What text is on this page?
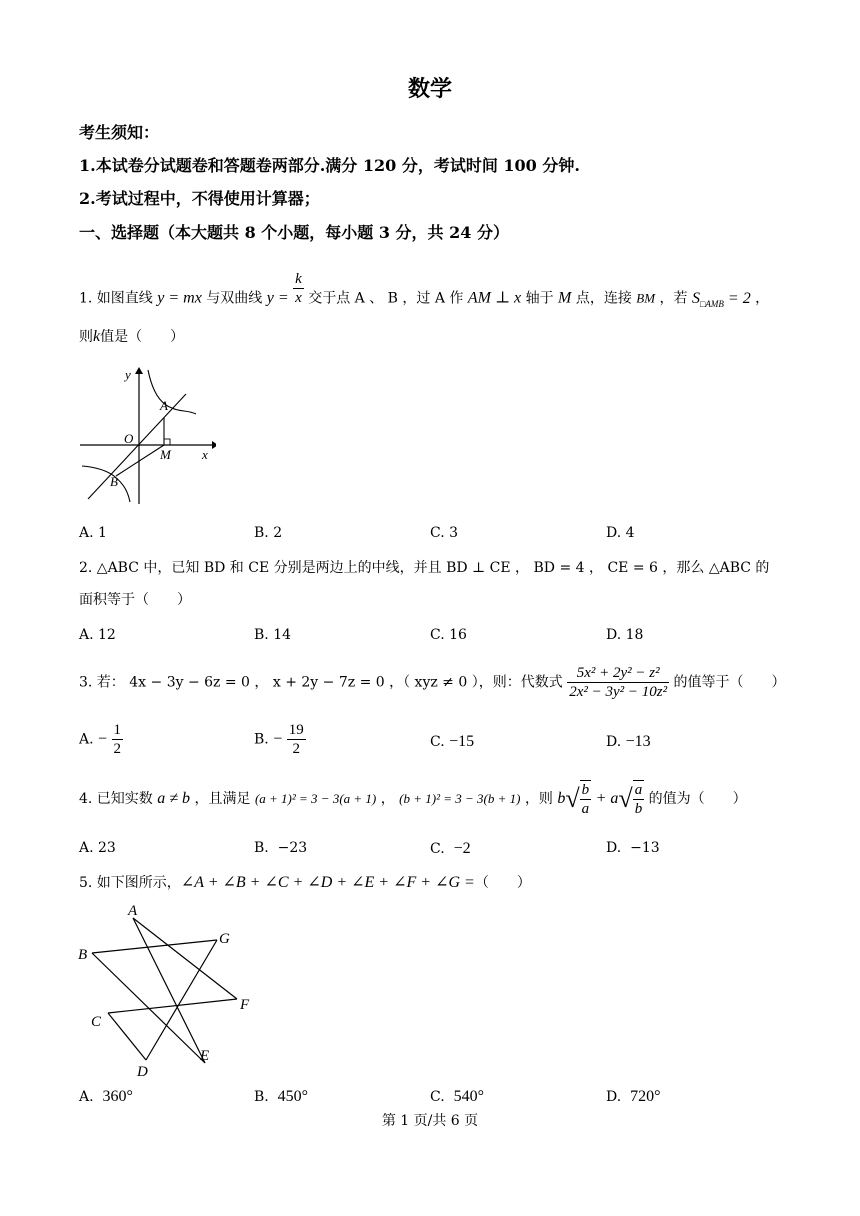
数学
考生须知：
1.本试卷分试题卷和答题卷两部分.满分 120 分，考试时间 100 分钟.
2.考试过程中，不得使用计算器；
一、选择题（本大题共 8 个小题，每小题 3 分，共 24 分）
1. 如图直线 y = mx 与双曲线 $y = \frac{k}{x}$ 交于点 A 、 B ，过 A 作 AM ⊥ x 轴于 M 点，连接 BM ，若 $S_{□AMB} = 2$ ，
则k值是（　　）
y
x
O
A
M
B
A. 1	B. 2	C. 3	D. 4
2. △ABC 中，已知 BD 和 CE 分别是两边上的中线，并且 BD ⊥ CE ， BD = 4 ， CE = 6 ，那么 △ABC 的
面积等于（　　）
A. 12	B. 14	C. 16	D. 18
3. 若： 4x − 3y − 6z = 0 ， x + 2y − 7z = 0 ，（ xyz ≠ 0 ），则：代数式 $\frac{\text{5x² + 2y² − z²}}{\text{2x² − 3y² − 10z²}}$ 的值等于（　　）
A. − $\frac{1}{2}$	B. − $\frac{19}{2}$	C. −15	D. −13
4. 已知实数 a ≠ b ，且满足 (a + 1)² = 3 − 3(a + 1) ， (b + 1)² = 3 − 3(b + 1) ，则 $b√ \frac{b}{a} + a√ \frac{a}{b}$ 的值为（　　）
A. 23	B. −23	C. −2	D. −13
5. 如下图所示，∠A + ∠B + ∠C + ∠D + ∠E + ∠F + ∠G =（　　）
A
B
G
F
C
E
D
A. 360°	B. 450°	C. 540°	D. 720°
第 1 页/共 6 页
